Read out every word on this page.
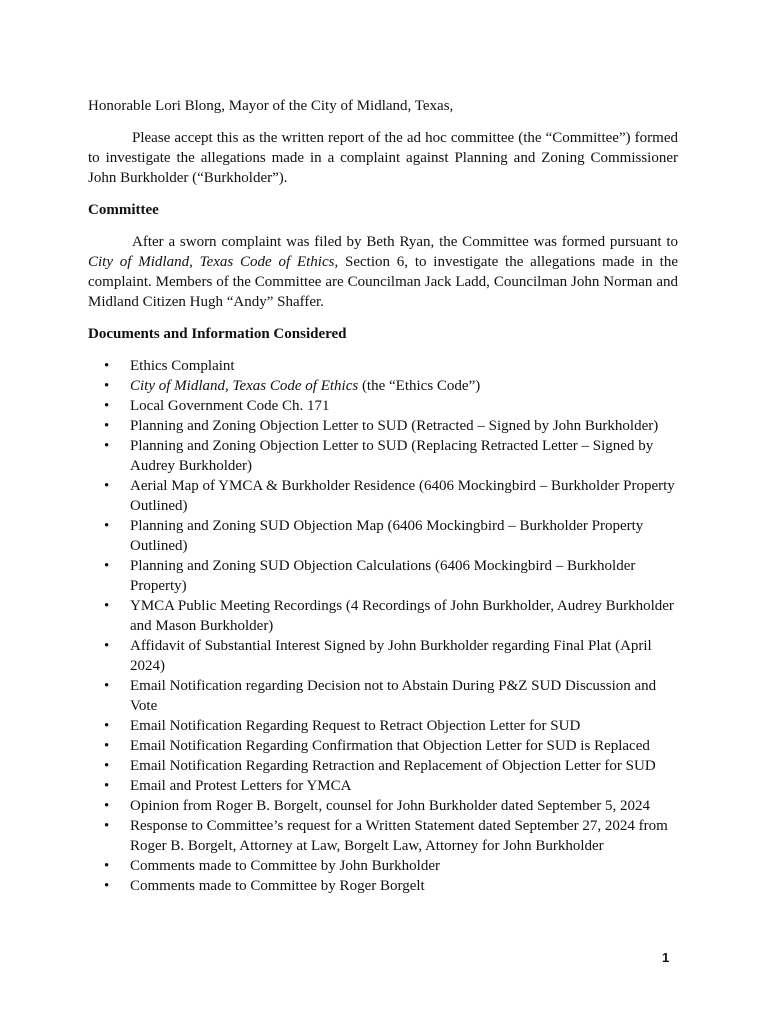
Honorable Lori Blong, Mayor of the City of Midland, Texas,

Please accept this as the written report of the ad hoc committee (the “Committee”) formed to investigate the allegations made in a complaint against Planning and Zoning Commissioner John Burkholder (“Burkholder”).

Committee

After a sworn complaint was filed by Beth Ryan, the Committee was formed pursuant to City of Midland, Texas Code of Ethics, Section 6, to investigate the allegations made in the complaint. Members of the Committee are Councilman Jack Ladd, Councilman John Norman and Midland Citizen Hugh “Andy” Shaffer.

Documents and Information Considered
• Ethics Complaint
• City of Midland, Texas Code of Ethics (the “Ethics Code”)
• Local Government Code Ch. 171
• Planning and Zoning Objection Letter to SUD (Retracted – Signed by John Burkholder)
• Planning and Zoning Objection Letter to SUD (Replacing Retracted Letter – Signed by Audrey Burkholder)
• Aerial Map of YMCA & Burkholder Residence (6406 Mockingbird – Burkholder Property Outlined)
• Planning and Zoning SUD Objection Map (6406 Mockingbird – Burkholder Property Outlined)
• Planning and Zoning SUD Objection Calculations (6406 Mockingbird – Burkholder Property)
• YMCA Public Meeting Recordings (4 Recordings of John Burkholder, Audrey Burkholder and Mason Burkholder)
• Affidavit of Substantial Interest Signed by John Burkholder regarding Final Plat (April 2024)
• Email Notification regarding Decision not to Abstain During P&Z SUD Discussion and Vote
• Email Notification Regarding Request to Retract Objection Letter for SUD
• Email Notification Regarding Confirmation that Objection Letter for SUD is Replaced
• Email Notification Regarding Retraction and Replacement of Objection Letter for SUD
• Email and Protest Letters for YMCA
• Opinion from Roger B. Borgelt, counsel for John Burkholder dated September 5, 2024
• Response to Committee’s request for a Written Statement dated September 27, 2024 from Roger B. Borgelt, Attorney at Law, Borgelt Law, Attorney for John Burkholder
• Comments made to Committee by John Burkholder
• Comments made to Committee by Roger Borgelt
1
